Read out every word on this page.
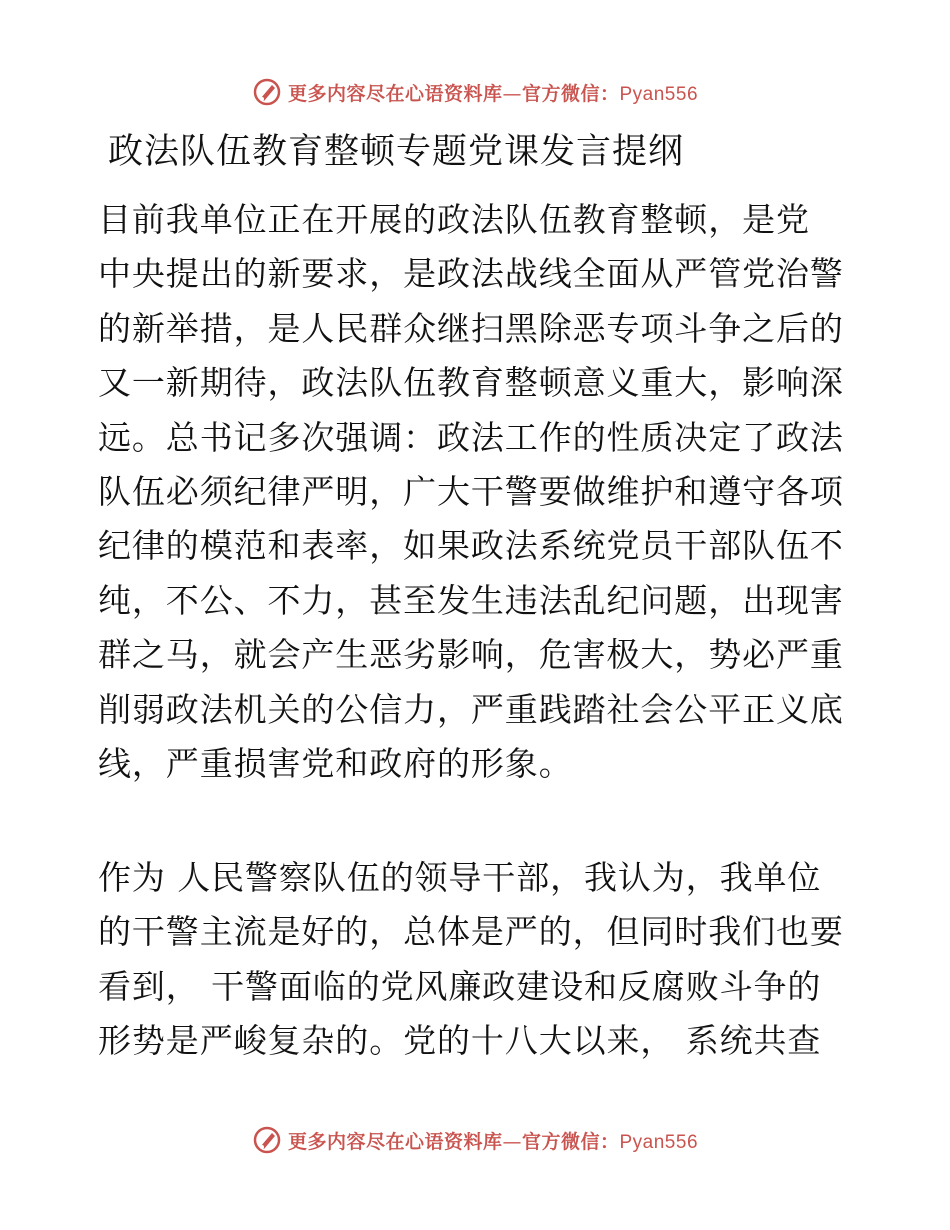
更多内容尽在心语资料库—官方微信：Pyan556
政法队伍教育整顿专题党课发言提纲
目前我单位正在开展的政法队伍教育整顿，是党
中央提出的新要求，是政法战线全面从严管党治警
的新举措，是人民群众继扫黑除恶专项斗争之后的
又一新期待，政法队伍教育整顿意义重大，影响深
远。总书记多次强调：政法工作的性质决定了政法
队伍必须纪律严明，广大干警要做维护和遵守各项
纪律的模范和表率，如果政法系统党员干部队伍不
纯，不公、不力，甚至发生违法乱纪问题，出现害
群之马，就会产生恶劣影响，危害极大，势必严重
削弱政法机关的公信力，严重践踏社会公平正义底
线，严重损害党和政府的形象。
作为 人民警察队伍的领导干部，我认为，我单位
的干警主流是好的，总体是严的，但同时我们也要
看到， 干警面临的党风廉政建设和反腐败斗争的
形势是严峻复杂的。党的十八大以来， 系统共查
更多内容尽在心语资料库—官方微信：Pyan556
